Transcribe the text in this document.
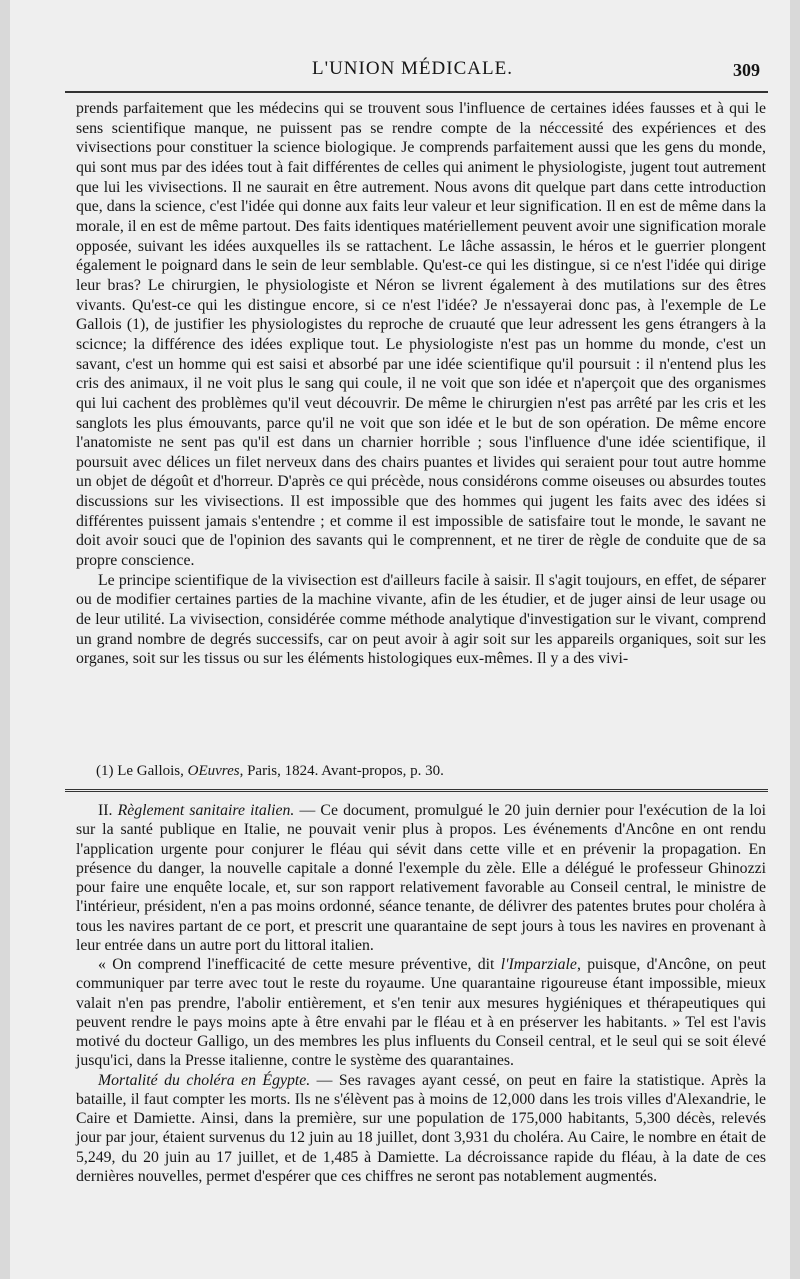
L'UNION MÉDICALE.	309

prends parfaitement que les médecins qui se trouvent sous l'influence de certaines idées fausses et à qui le sens scientifique manque, ne puissent pas se rendre compte de la néccessité des expériences et des vivisections pour constituer la science biologique. Je comprends parfaitement aussi que les gens du monde, qui sont mus par des idées tout à fait différentes de celles qui animent le physiologiste, jugent tout autrement que lui les vivisections. Il ne saurait en être autrement. Nous avons dit quelque part dans cette introduction que, dans la science, c'est l'idée qui donne aux faits leur valeur et leur signification. Il en est de même dans la morale, il en est de même partout. Des faits identiques matériellement peuvent avoir une signification morale opposée, suivant les idées auxquelles ils se rattachent. Le lâche assassin, le héros et le guerrier plongent également le poignard dans le sein de leur semblable. Qu'est-ce qui les distingue, si ce n'est l'idée qui dirige leur bras? Le chirurgien, le physiologiste et Néron se livrent également à des mutilations sur des êtres vivants. Qu'est-ce qui les distingue encore, si ce n'est l'idée? Je n'essayerai donc pas, à l'exemple de Le Gallois (1), de justifier les physiologistes du reproche de cruauté que leur adressent les gens étrangers à la scicnce; la différence des idées explique tout. Le physiologiste n'est pas un homme du monde, c'est un savant, c'est un homme qui est saisi et absorbé par une idée scientifique qu'il poursuit : il n'entend plus les cris des animaux, il ne voit plus le sang qui coule, il ne voit que son idée et n'aperçoit que des organismes qui lui cachent des problèmes qu'il veut découvrir. De même le chirurgien n'est pas arrêté par les cris et les sanglots les plus émouvants, parce qu'il ne voit que son idée et le but de son opération. De même encore l'anatomiste ne sent pas qu'il est dans un charnier horrible ; sous l'influence d'une idée scientifique, il poursuit avec délices un filet nerveux dans des chairs puantes et livides qui seraient pour tout autre homme un objet de dégoût et d'horreur. D'après ce qui précède, nous considérons comme oiseuses ou absurdes toutes discussions sur les vivisections. Il est impossible que des hommes qui jugent les faits avec des idées si différentes puissent jamais s'entendre ; et comme il est impossible de satisfaire tout le monde, le savant ne doit avoir souci que de l'opinion des savants qui le comprennent, et ne tirer de règle de conduite que de sa propre conscience.

Le principe scientifique de la vivisection est d'ailleurs facile à saisir. Il s'agit toujours, en effet, de séparer ou de modifier certaines parties de la machine vivante, afin de les étudier, et de juger ainsi de leur usage ou de leur utilité. La vivisection, considérée comme méthode analytique d'investigation sur le vivant, comprend un grand nombre de degrés successifs, car on peut avoir à agir soit sur les appareils organiques, soit sur les organes, soit sur les tissus ou sur les éléments histologiques eux-mêmes. Il y a des vivi-

(1) Le Gallois, OEuvres, Paris, 1824. Avant-propos, p. 30.

II. Règlement sanitaire italien. — Ce document, promulgué le 20 juin dernier pour l'exécution de la loi sur la santé publique en Italie, ne pouvait venir plus à propos. Les événements d'Ancône en ont rendu l'application urgente pour conjurer le fléau qui sévit dans cette ville et en prévenir la propagation. En présence du danger, la nouvelle capitale a donné l'exemple du zèle. Elle a délégué le professeur Ghinozzi pour faire une enquête locale, et, sur son rapport relativement favorable au Conseil central, le ministre de l'intérieur, président, n'en a pas moins ordonné, séance tenante, de délivrer des patentes brutes pour choléra à tous les navires partant de ce port, et prescrit une quarantaine de sept jours à tous les navires en provenant à leur entrée dans un autre port du littoral italien.

« On comprend l'inefficacité de cette mesure préventive, dit l'Imparziale, puisque, d'Ancône, on peut communiquer par terre avec tout le reste du royaume. Une quarantaine rigoureuse étant impossible, mieux valait n'en pas prendre, l'abolir entièrement, et s'en tenir aux mesures hygiéniques et thérapeutiques qui peuvent rendre le pays moins apte à être envahi par le fléau et à en préserver les habitants. » Tel est l'avis motivé du docteur Galligo, un des membres les plus influents du Conseil central, et le seul qui se soit élevé jusqu'ici, dans la Presse italienne, contre le système des quarantaines.

Mortalité du choléra en Égypte. — Ses ravages ayant cessé, on peut en faire la statistique. Après la bataille, il faut compter les morts. Ils ne s'élèvent pas à moins de 12,000 dans les trois villes d'Alexandrie, le Caire et Damiette. Ainsi, dans la première, sur une population de 175,000 habitants, 5,300 décès, relevés jour par jour, étaient survenus du 12 juin au 18 juillet, dont 3,931 du choléra. Au Caire, le nombre en était de 5,249, du 20 juin au 17 juillet, et de 1,485 à Damiette. La décroissance rapide du fléau, à la date de ces dernières nouvelles, permet d'espérer que ces chiffres ne seront pas notablement augmentés.
